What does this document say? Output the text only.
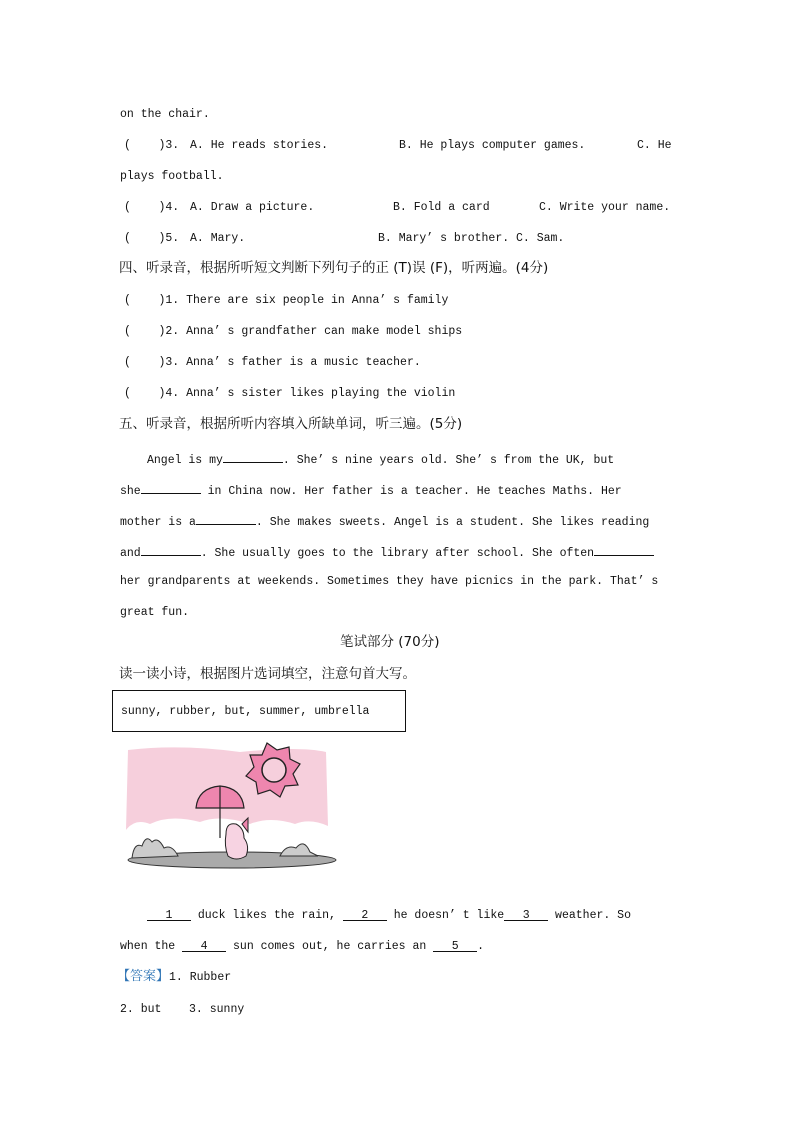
on the chair.
(    )3. A. He reads stories.	B. He plays computer games.	C. He
plays football.
(    )4. A. Draw a picture.	B. Fold a card	C. Write your name.
(    )5. A. Mary.	B. Mary’ s brother. C. Sam.
四、听录音，根据所听短文判断下列句子的正 (T)误 (F)，听两遍。(4分)
(    )1. There are six people in Anna’ s family
(    )2. Anna’ s grandfather can make model ships
(    )3. Anna’ s father is a music teacher.
(    )4. Anna’ s sister likes playing the violin
五、听录音，根据所听内容填入所缺单词，听三遍。(5分)
Angel is my	. She’ s nine years old. She’ s from the UK, but
she	in China now. Her father is a teacher. He teaches Maths. Her
mother is a	. She makes sweets. Angel is a student. She likes reading
and	. She usually goes to the library after school. She often
her grandparents at weekends. Sometimes they have picnics in the park. That’ s
great fun.
笔试部分 (70分)
读一读小诗，根据图片选词填空，注意句首大写。
sunny, rubber, but, summer, umbrella
1 duck likes the rain, 2 he doesn’ t like 3 weather. So
when the 4 sun comes out, he carries an 5 .
【答案】1. Rubber
2. but 3. sunny
